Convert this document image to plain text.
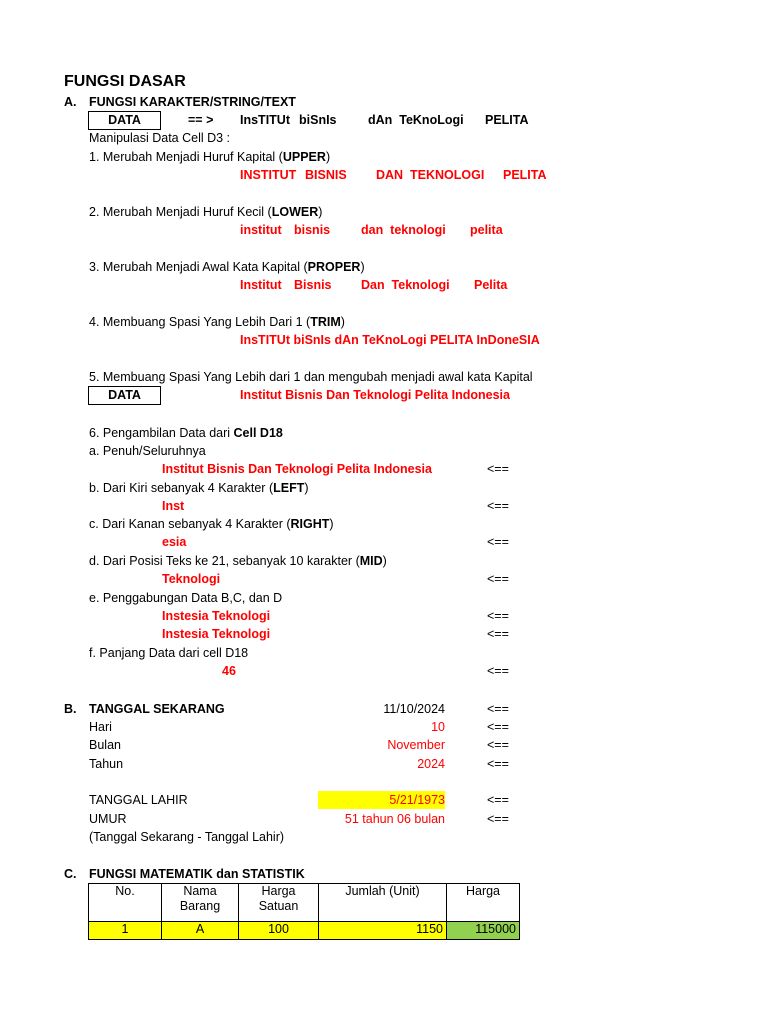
FUNGSI DASAR
A. FUNGSI KARAKTER/STRING/TEXT
DATA	== > InsTITUt biSnIs	dAn  TeKnoLogi PELITA
Manipulasi Data Cell D3 :
1. Merubah Menjadi Huruf Kapital (UPPER)
INSTITUT BISNIS DAN  TEKNOLOGI PELITA
2. Merubah Menjadi Huruf Kecil (LOWER)
institut bisnis dan  teknologi pelita
3. Merubah Menjadi Awal Kata Kapital (PROPER)
Institut Bisnis Dan  Teknologi Pelita
4. Membuang Spasi Yang Lebih Dari 1 (TRIM)
InsTITUt biSnIs dAn TeKnoLogi PELITA InDoneSIA
5. Membuang Spasi Yang Lebih dari 1 dan mengubah menjadi awal kata Kapital
DATA	Institut Bisnis Dan Teknologi Pelita Indonesia
6. Pengambilan Data dari Cell D18
a. Penuh/Seluruhnya
Institut Bisnis Dan Teknologi Pelita Indonesia	<==
b. Dari Kiri sebanyak 4 Karakter (LEFT)
Inst	<==
c. Dari Kanan sebanyak 4 Karakter (RIGHT)
esia	<==
d. Dari Posisi Teks ke 21, sebanyak 10 karakter (MID)
Teknologi	<==
e. Penggabungan Data B,C, dan D
Instesia Teknologi	<==
Instesia Teknologi	<==
f. Panjang Data dari cell D18
46	<==
B. TANGGAL SEKARANG	11/10/2024	<==
Hari	10	<==
Bulan	November	<==
Tahun	2024	<==
TANGGAL LAHIR	5/21/1973	<==
UMUR	51 tahun 06 bulan	<==
(Tanggal Sekarang - Tanggal Lahir)
C. FUNGSI MATEMATIK dan STATISTIK
No.	Nama Barang	Harga Satuan	Jumlah (Unit)	Harga
1	A	100	1150	115000
